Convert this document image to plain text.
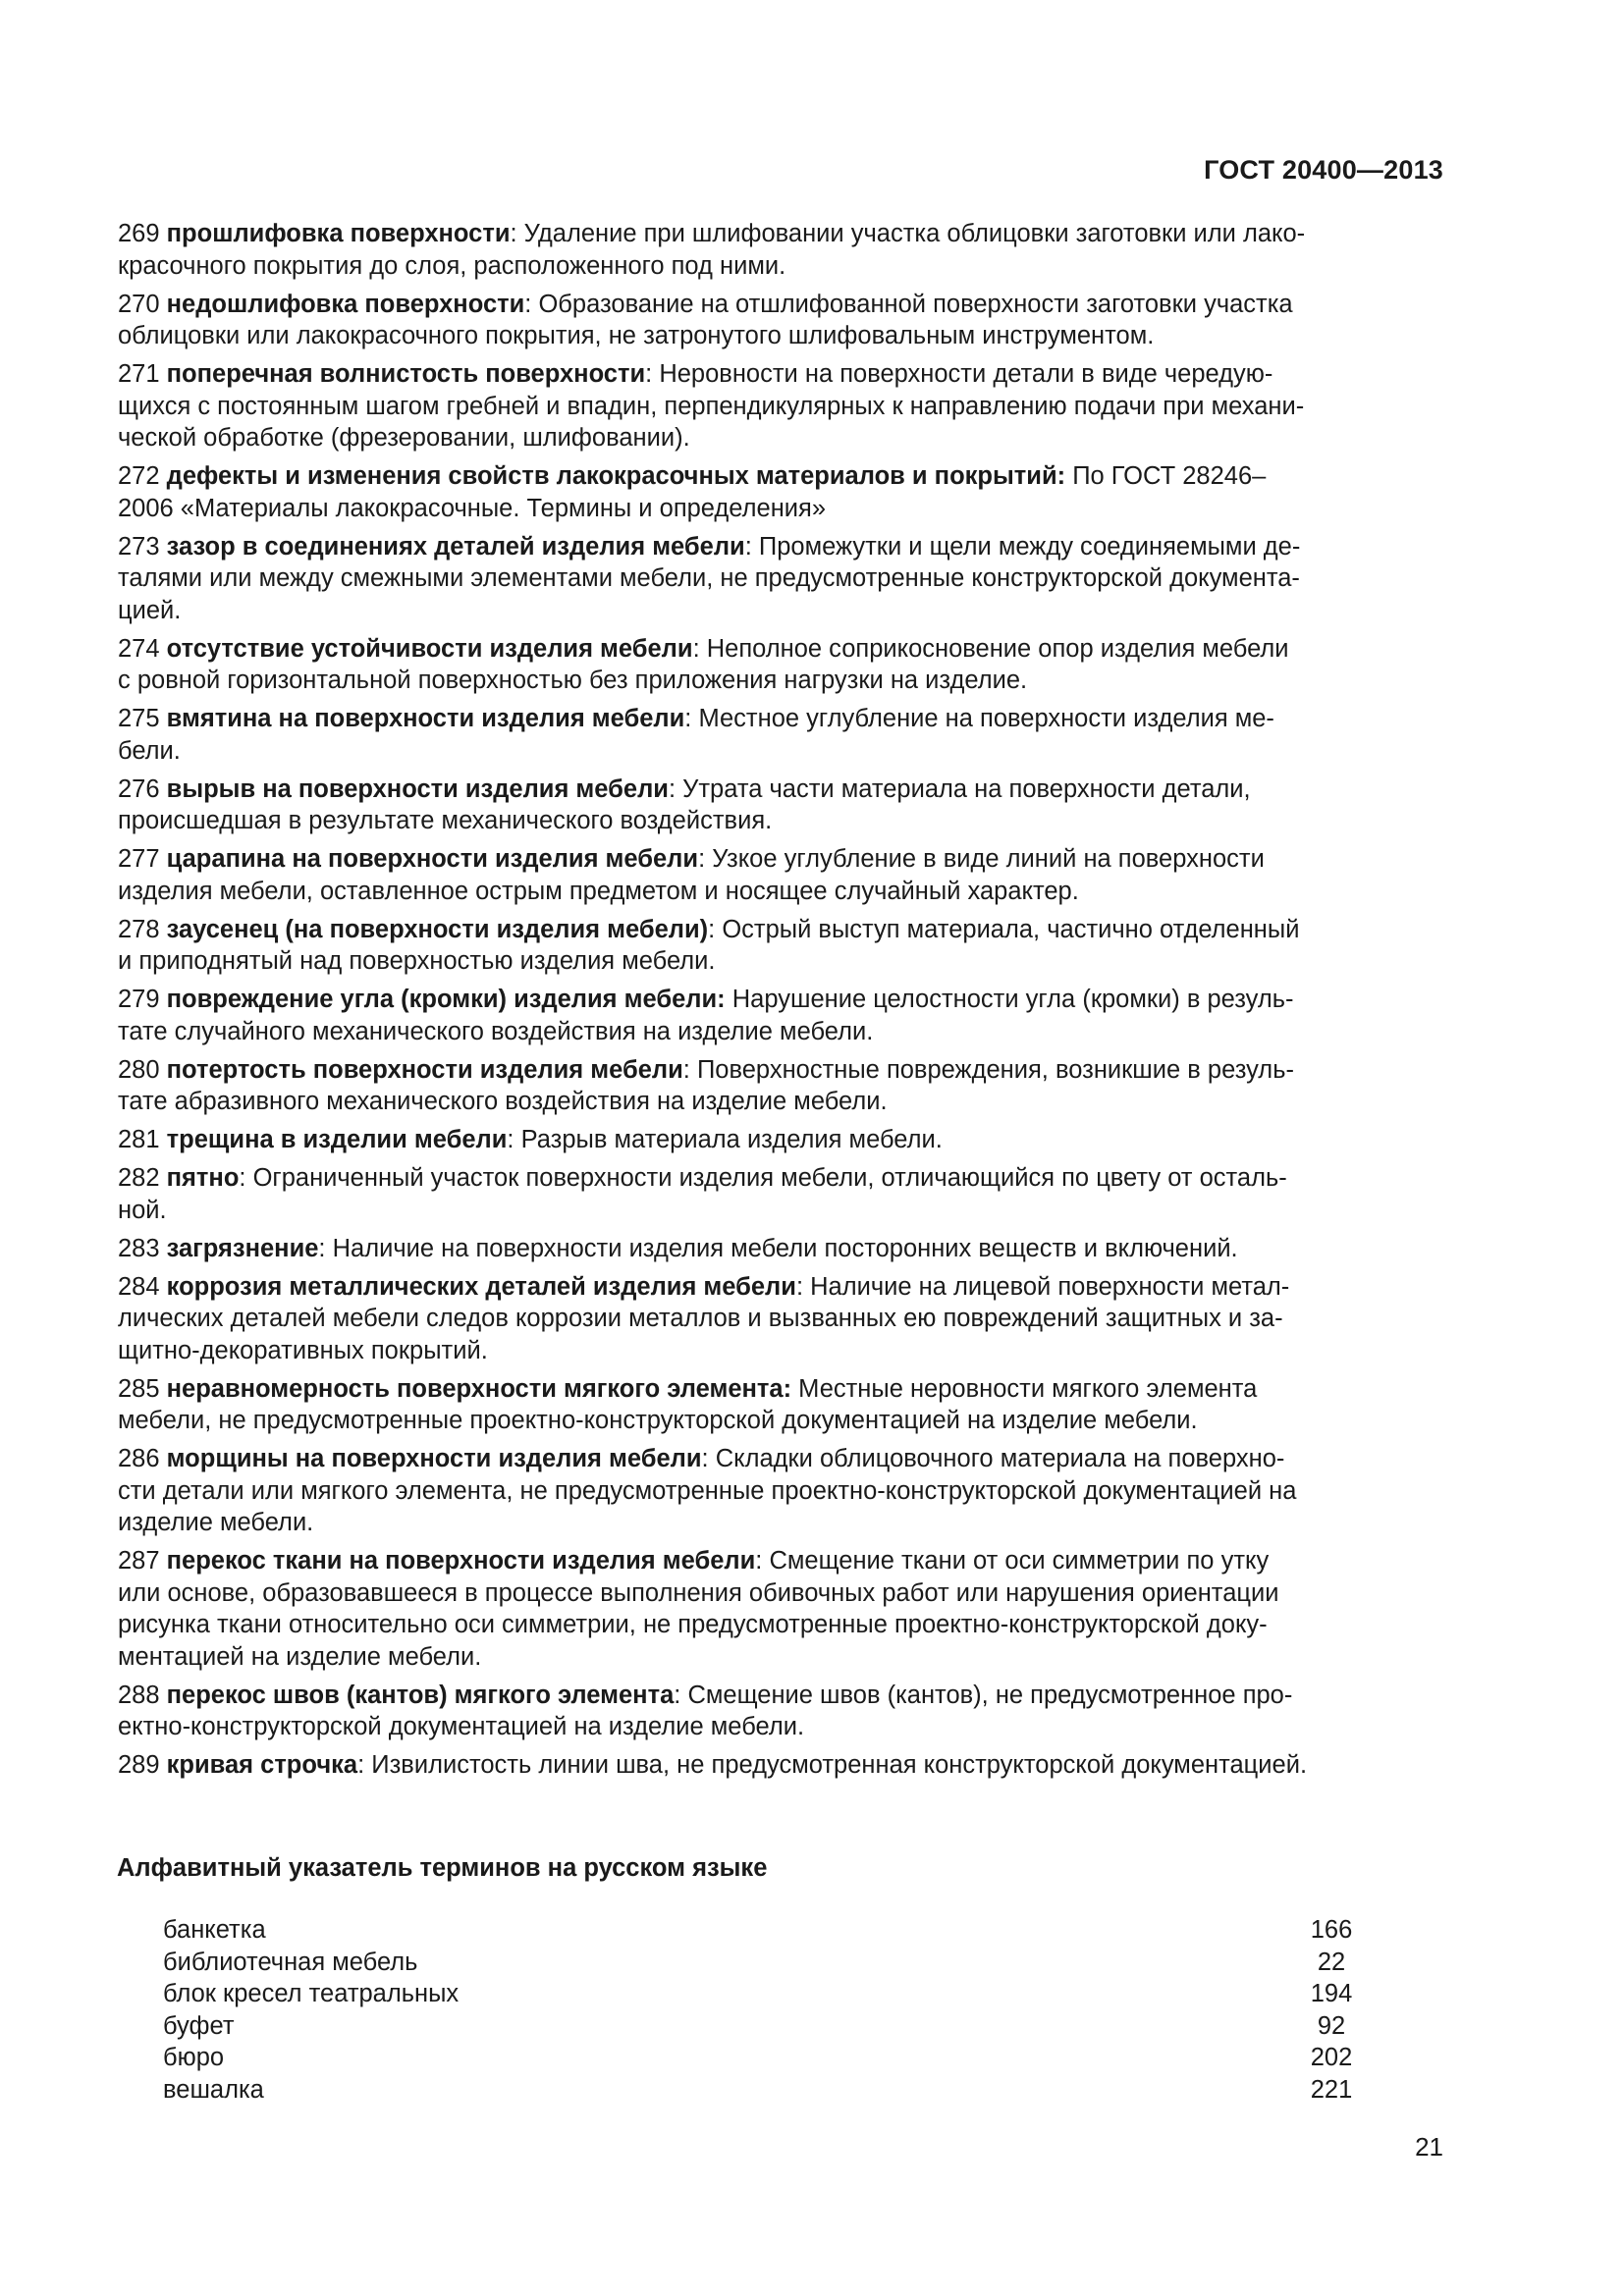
ГОСТ 20400—2013
269 прошлифовка поверхности: Удаление при шлифовании участка облицовки заготовки или лако-
красочного покрытия до слоя, расположенного под ними.
270 недошлифовка поверхности: Образование на отшлифованной поверхности заготовки участка
облицовки или лакокрасочного покрытия, не затронутого шлифовальным инструментом.
271 поперечная волнистость поверхности: Неровности на поверхности детали в виде чередую-
щихся с постоянным шагом гребней и впадин, перпендикулярных к направлению подачи при механи-
ческой обработке (фрезеровании, шлифовании).
272 дефекты и изменения свойств лакокрасочных материалов и покрытий: По ГОСТ 28246–
2006 «Материалы лакокрасочные. Термины и определения»
273 зазор в соединениях деталей изделия мебели: Промежутки и щели между соединяемыми де-
талями или между смежными элементами мебели, не предусмотренные конструкторской документа-
цией.
274 отсутствие устойчивости изделия мебели: Неполное соприкосновение опор изделия мебели
с ровной горизонтальной поверхностью без приложения нагрузки на изделие.
275 вмятина на поверхности изделия мебели: Местное углубление на поверхности изделия ме-
бели.
276 вырыв на поверхности изделия мебели: Утрата части материала на поверхности детали,
происшедшая в результате механического воздействия.
277 царапина на поверхности изделия мебели: Узкое углубление в виде линий на поверхности
изделия мебели, оставленное острым предметом и носящее случайный характер.
278 заусенец (на поверхности изделия мебели): Острый выступ материала, частично отделенный
и приподнятый над поверхностью изделия мебели.
279 повреждение угла (кромки) изделия мебели: Нарушение целостности угла (кромки) в резуль-
тате случайного механического воздействия на изделие мебели.
280 потертость поверхности изделия мебели: Поверхностные повреждения, возникшие в резуль-
тате абразивного механического воздействия на изделие мебели.
281 трещина в изделии мебели: Разрыв материала изделия мебели.
282 пятно: Ограниченный участок поверхности изделия мебели, отличающийся по цвету от осталь-
ной.
283 загрязнение: Наличие на поверхности изделия мебели посторонних веществ и включений.
284 коррозия металлических деталей изделия мебели: Наличие на лицевой поверхности метал-
лических деталей мебели следов коррозии металлов и вызванных ею повреждений защитных и за-
щитно-декоративных покрытий.
285 неравномерность поверхности мягкого элемента: Местные неровности мягкого элемента
мебели, не предусмотренные проектно-конструкторской документацией на изделие мебели.
286 морщины на поверхности изделия мебели: Складки облицовочного материала на поверхно-
сти детали или мягкого элемента, не предусмотренные проектно-конструкторской документацией на
изделие мебели.
287 перекос ткани на поверхности изделия мебели: Смещение ткани от оси симметрии по утку
или основе, образовавшееся в процессе выполнения обивочных работ или нарушения ориентации
рисунка ткани относительно оси симметрии, не предусмотренные проектно-конструкторской доку-
ментацией на изделие мебели.
288 перекос швов (кантов) мягкого элемента: Смещение швов (кантов), не предусмотренное про-
ектно-конструкторской документацией на изделие мебели.
289 кривая строчка: Извилистость линии шва, не предусмотренная конструкторской документацией.
Алфавитный указатель терминов на русском языке
банкетка	166
библиотечная мебель	22
блок кресел театральных	194
буфет	92
бюро	202
вешалка	221
21
